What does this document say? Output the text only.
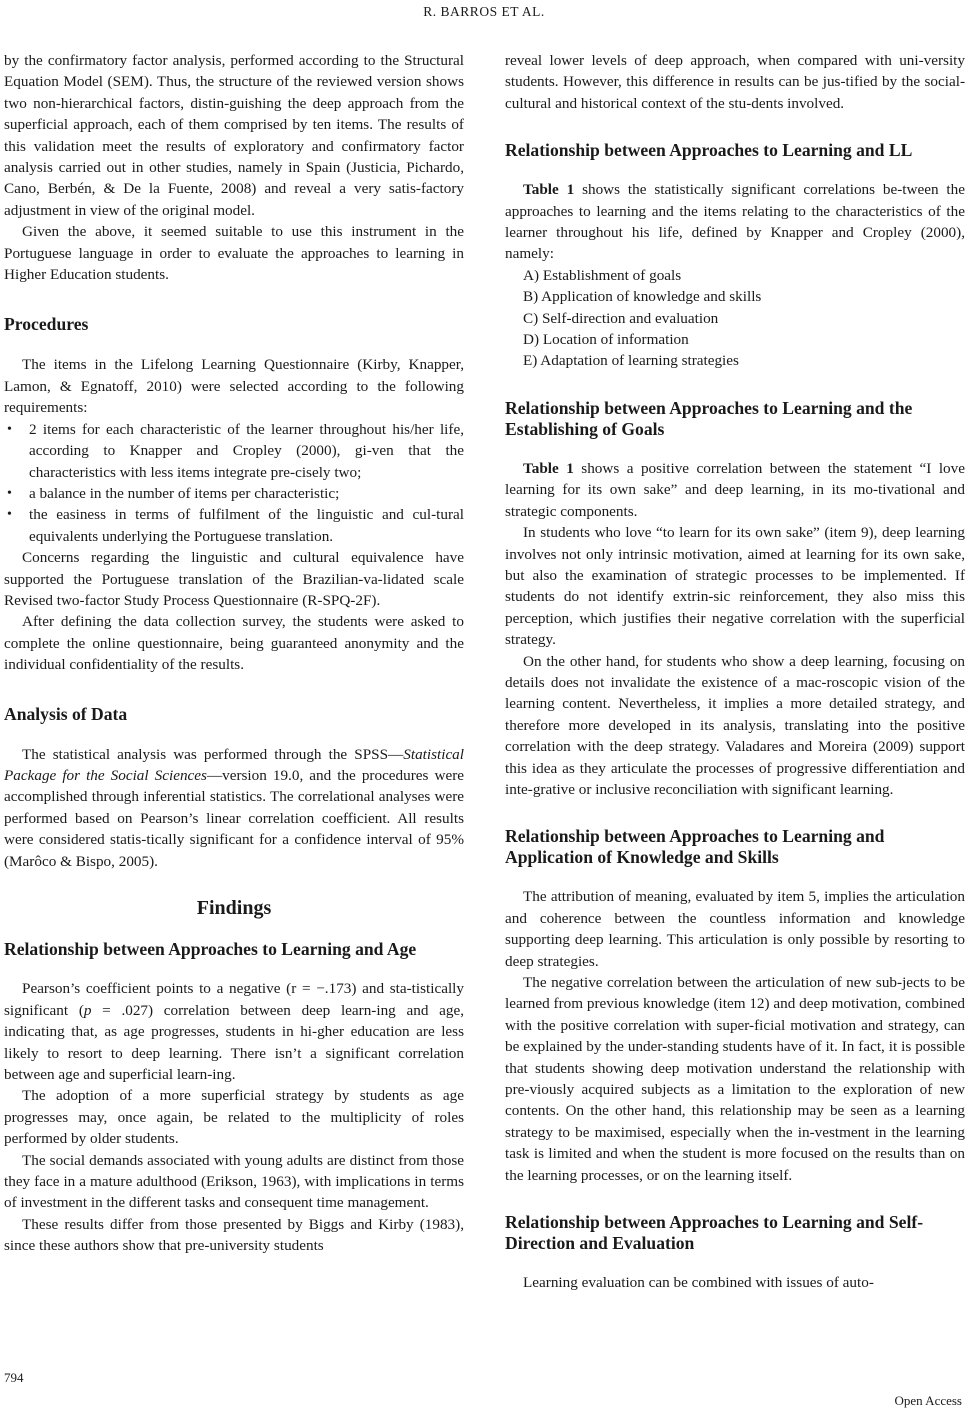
R. BARROS ET AL.

by the confirmatory factor analysis, performed according to the Structural Equation Model (SEM). Thus, the structure of the reviewed version shows two non-hierarchical factors, distin-guishing the deep approach from the superficial approach, each of them comprised by ten items. The results of this validation meet the results of exploratory and confirmatory factor analysis carried out in other studies, namely in Spain (Justicia, Pichardo, Cano, Berbén, & De la Fuente, 2008) and reveal a very satis-factory adjustment in view of the original model.

Given the above, it seemed suitable to use this instrument in the Portuguese language in order to evaluate the approaches to learning in Higher Education students.

Procedures

The items in the Lifelong Learning Questionnaire (Kirby, Knapper, Lamon, & Egnatoff, 2010) were selected according to the following requirements:

• 2 items for each characteristic of the learner throughout his/her life, according to Knapper and Cropley (2000), gi-ven that the characteristics with less items integrate pre-cisely two;
• a balance in the number of items per characteristic;
• the easiness in terms of fulfilment of the linguistic and cul-tural equivalents underlying the Portuguese translation.

Concerns regarding the linguistic and cultural equivalence have supported the Portuguese translation of the Brazilian-va-lidated scale Revised two-factor Study Process Questionnaire (R-SPQ-2F).

After defining the data collection survey, the students were asked to complete the online questionnaire, being guaranteed anonymity and the individual confidentiality of the results.

Analysis of Data

The statistical analysis was performed through the SPSS—Statistical Package for the Social Sciences—version 19.0, and the procedures were accomplished through inferential statistics. The correlational analyses were performed based on Pearson’s linear correlation coefficient. All results were considered statis-tically significant for a confidence interval of 95% (Marôco & Bispo, 2005).

Findings
Relationship between Approaches to Learning and Age

Pearson’s coefficient points to a negative (r = −.173) and sta-tistically significant (p = .027) correlation between deep learn-ing and age, indicating that, as age progresses, students in hi-gher education are less likely to resort to deep learning. There isn’t a significant correlation between age and superficial learn-ing.

The adoption of a more superficial strategy by students as age progresses may, once again, be related to the multiplicity of roles performed by older students.

The social demands associated with young adults are distinct from those they face in a mature adulthood (Erikson, 1963), with implications in terms of investment in the different tasks and consequent time management.

These results differ from those presented by Biggs and Kirby (1983), since these authors show that pre-university students

reveal lower levels of deep approach, when compared with uni-versity students. However, this difference in results can be jus-tified by the social-cultural and historical context of the stu-dents involved.

Relationship between Approaches to Learning and LL

Table 1 shows the statistically significant correlations be-tween the approaches to learning and the items relating to the characteristics of the learner throughout his life, defined by Knapper and Cropley (2000), namely:

A) Establishment of goals
B) Application of knowledge and skills
C) Self-direction and evaluation
D) Location of information
E) Adaptation of learning strategies
Relationship between Approaches to Learning and the Establishing of Goals

Table 1 shows a positive correlation between the statement “I love learning for its own sake” and deep learning, in its mo-tivational and strategic components.

In students who love “to learn for its own sake” (item 9), deep learning involves not only intrinsic motivation, aimed at learning for its own sake, but also the examination of strategic processes to be implemented. If students do not identify extrin-sic reinforcement, they also miss this perception, which justifies their negative correlation with the superficial strategy.

On the other hand, for students who show a deep learning, focusing on details does not invalidate the existence of a mac-roscopic vision of the learning content. Nevertheless, it implies a more detailed strategy, and therefore more developed in its analysis, translating into the positive correlation with the deep strategy. Valadares and Moreira (2009) support this idea as they articulate the processes of progressive differentiation and inte-grative or inclusive reconciliation with significant learning.

Relationship between Approaches to Learning and Application of Knowledge and Skills

The attribution of meaning, evaluated by item 5, implies the articulation and coherence between the countless information and knowledge supporting deep learning. This articulation is only possible by resorting to deep strategies.

The negative correlation between the articulation of new sub-jects to be learned from previous knowledge (item 12) and deep motivation, combined with the positive correlation with super-ficial motivation and strategy, can be explained by the under-standing students have of it. In fact, it is possible that students showing deep motivation understand the relationship with pre-viously acquired subjects as a limitation to the exploration of new contents. On the other hand, this relationship may be seen as a learning strategy to be maximised, especially when the in-vestment in the learning task is limited and when the student is more focused on the results than on the learning processes, or on the learning itself.

Relationship between Approaches to Learning and Self-Direction and Evaluation

Learning evaluation can be combined with issues of auto-

794
Open Access
